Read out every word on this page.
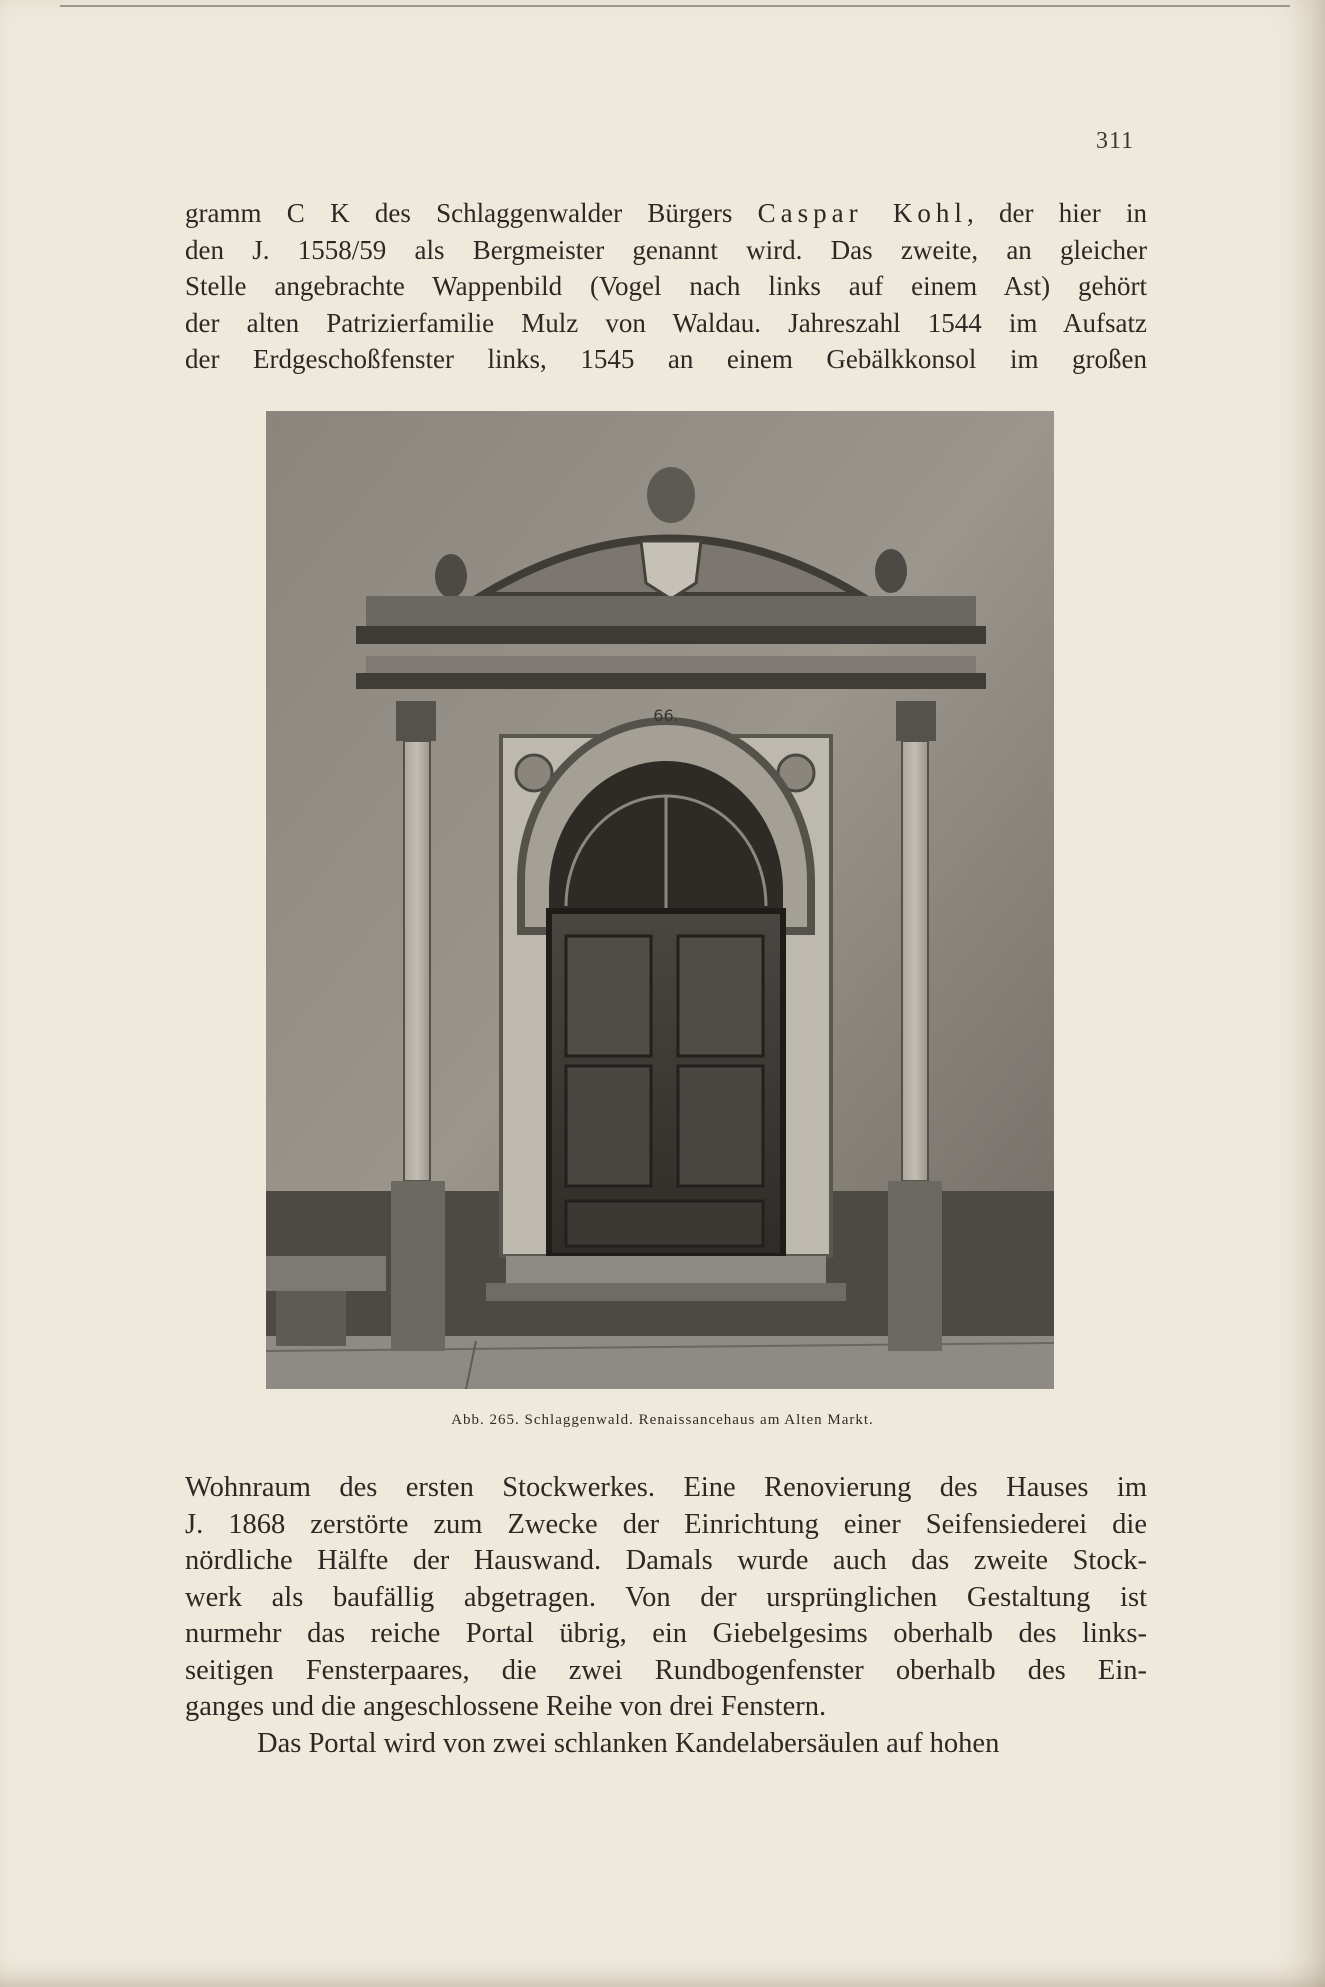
311
gramm C K des Schlaggenwalder Bürgers Caspar Kohl, der hier in
den J. 1558/59 als Bergmeister genannt wird. Das zweite, an gleicher
Stelle angebrachte Wappenbild (Vogel nach links auf einem Ast) gehört
der alten Patrizierfamilie Mulz von Waldau. Jahreszahl 1544 im Aufsatz
der Erdgeschoßfenster links, 1545 an einem Gebälkkonsol im großen
66.
Abb. 265. Schlaggenwald. Renaissancehaus am Alten Markt.
Wohnraum des ersten Stockwerkes. Eine Renovierung des Hauses im
J. 1868 zerstörte zum Zwecke der Einrichtung einer Seifensiederei die
nördliche Hälfte der Hauswand. Damals wurde auch das zweite Stock-
werk als baufällig abgetragen. Von der ursprünglichen Gestaltung ist
nurmehr das reiche Portal übrig, ein Giebelgesims oberhalb des links-
seitigen Fensterpaares, die zwei Rundbogenfenster oberhalb des Ein-
ganges und die angeschlossene Reihe von drei Fenstern.
Das Portal wird von zwei schlanken Kandelabersäulen auf hohen
